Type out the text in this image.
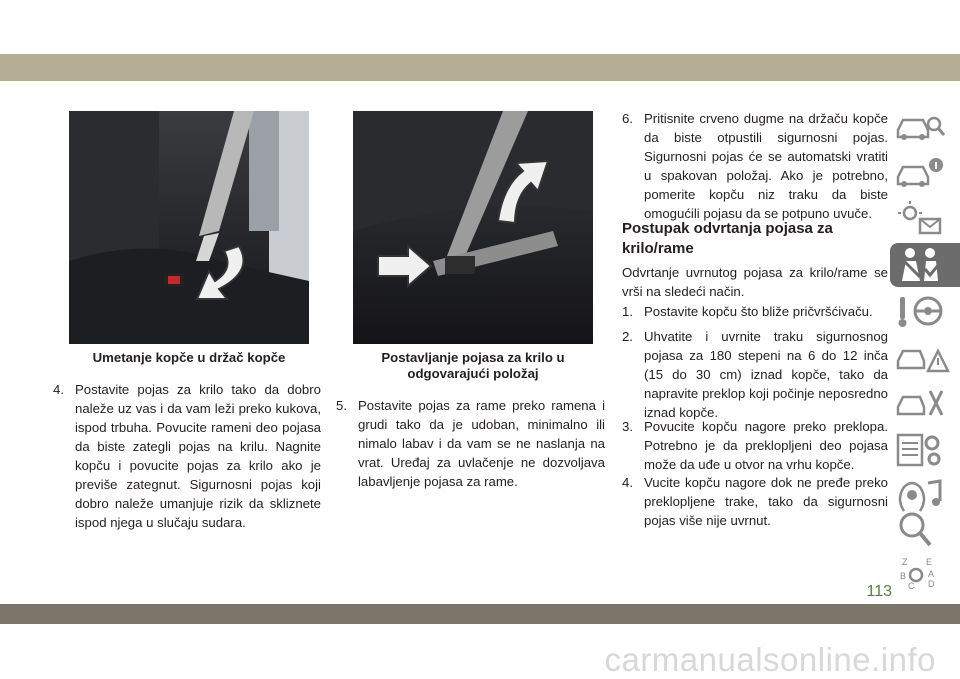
Umetanje kopče u držač kopče	Postavljanje pojasa za krilo u
odgovarajući položaj
4. Postavite pojas za krilo tako da dobro naleže uz vas i da vam leži preko kukova, ispod trbuha. Povucite rameni deo pojasa da biste zategli pojas na krilu. Nagnite kopču i povucite pojas za krilo ako je previše zategnut. Sigurnosni pojas koji dobro naleže umanjuje rizik da skliznete ispod njega u slučaju sudara.
5. Postavite pojas za rame preko ramena i grudi tako da je udoban, minimalno ili nimalo labav i da vam se ne naslanja na vrat. Uređaj za uvlačenje ne dozvoljava labavljenje pojasa za rame.
6. Pritisnite crveno dugme na držaču kopče da biste otpustili sigurnosni pojas. Sigurnosni pojas će se automatski vratiti u spakovan položaj. Ako je potrebno, pomerite kopču niz traku da biste omogućili pojasu da se potpuno uvuče.
Postupak odvrtanja pojasa za krilo/rame
Odvrtanje uvrnutog pojasa za krilo/rame se vrši na sledeći način.
1. Postavite kopču što bliže pričvršćivaču.
2. Uhvatite i uvrnite traku sigurnosnog pojasa za 180 stepeni na 6 do 12 inča (15 do 30 cm) iznad kopče, tako da napravite preklop koji počinje neposredno iznad kopče.
3. Povucite kopču nagore preko preklopa. Potrebno je da preklopljeni deo pojasa može da uđe u otvor na vrhu kopče.
4. Vucite kopču nagore dok ne pređe preko preklopljene trake, tako da sigurnosni pojas više nije uvrnut.
Z E
B A
C D
113
carmanualsonline.info
